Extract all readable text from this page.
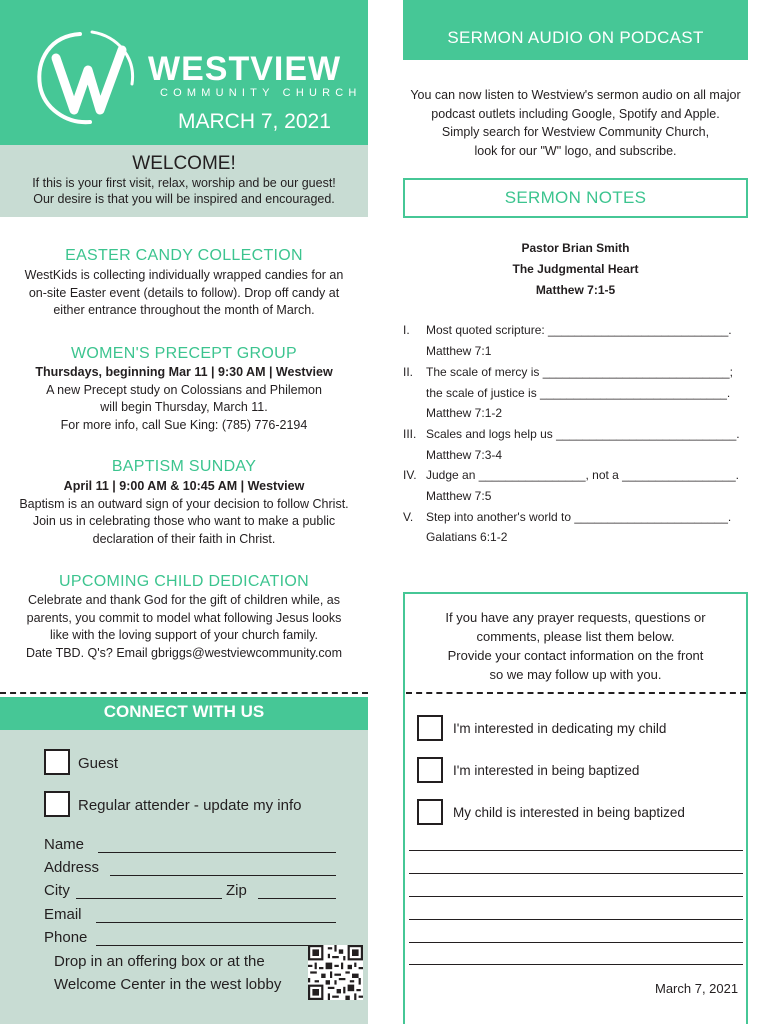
WESTVIEW
COMMUNITY CHURCH
MARCH 7, 2021
WELCOME!
If this is your first visit, relax, worship and be our guest!
Our desire is that you will be inspired and encouraged.
EASTER CANDY COLLECTION
WestKids is collecting individually wrapped candies for an
on-site Easter event (details to follow). Drop off candy at
either entrance throughout the month of March.
WOMEN'S PRECEPT GROUP
Thursdays, beginning Mar 11 | 9:30 AM | Westview
A new Precept study on Colossians and Philemon
will begin Thursday, March 11.
For more info, call Sue King: (785) 776-2194
BAPTISM SUNDAY
April 11 | 9:00 AM & 10:45 AM | Westview
Baptism is an outward sign of your decision to follow Christ.
Join us in celebrating those who want to make a public
declaration of their faith in Christ.
UPCOMING CHILD DEDICATION
Celebrate and thank God for the gift of children while, as
parents, you commit to model what following Jesus looks
like with the loving support of your church family.
Date TBD. Q's? Email gbriggs@westviewcommunity.com
CONNECT WITH US
Guest
Regular attender - update my info
Name
Address
City	Zip
Email
Phone
Drop in an offering box or at the
Welcome Center in the west lobby
SERMON AUDIO ON PODCAST
You can now listen to Westview's sermon audio on all major
podcast outlets including Google, Spotify and Apple.
Simply search for Westview Community Church,
look for our "W" logo, and subscribe.
SERMON NOTES
Pastor Brian Smith
The Judgmental Heart
Matthew 7:1-5
I. Most quoted scripture: ___________________________.
Matthew 7:1
II. The scale of mercy is ____________________________;
the scale of justice is ____________________________.
Matthew 7:1-2
III. Scales and logs help us ___________________________.
Matthew 7:3-4
IV. Judge an ________________, not a _________________.
Matthew 7:5
V. Step into another's world to _______________________.
Galatians 6:1-2
If you have any prayer requests, questions or
comments, please list them below.
Provide your contact information on the front
so we may follow up with you.
I'm interested in dedicating my child
I'm interested in being baptized
My child is interested in being baptized
March 7, 2021
